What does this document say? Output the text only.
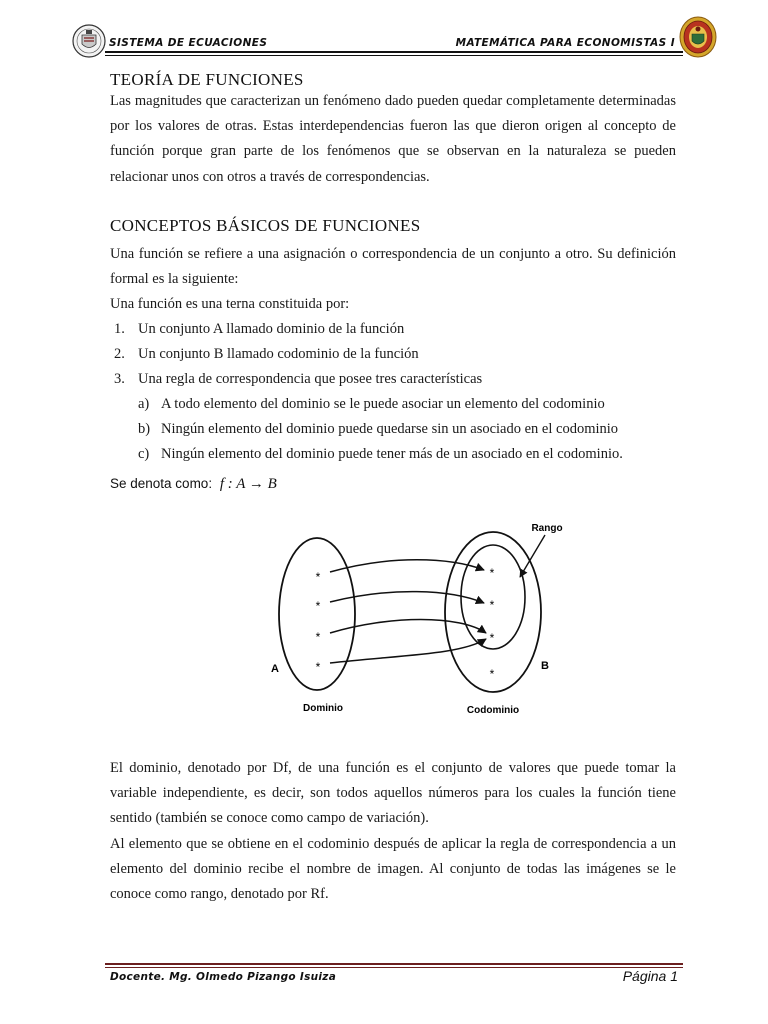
SISTEMA DE ECUACIONES	MATEMÁTICA PARA ECONOMISTAS I
TEORÍA DE FUNCIONES
Las magnitudes que caracterizan un fenómeno dado pueden quedar completamente determinadas por los valores de otras. Estas interdependencias fueron las que dieron origen al concepto de función porque gran parte de los fenómenos que se observan en la naturaleza se pueden relacionar unos con otros a través de correspondencias.
CONCEPTOS BÁSICOS DE FUNCIONES
Una función se refiere a una asignación o correspondencia de un conjunto a otro. Su definición formal es la siguiente:
Una función es una terna constituida por:
1. Un conjunto A llamado dominio de la función
2. Un conjunto B llamado codominio de la función
3. Una regla de correspondencia que posee tres características
a) A todo elemento del dominio se le puede asociar un elemento del codominio
b) Ningún elemento del dominio puede quedarse sin un asociado en el codominio
c) Ningún elemento del dominio puede tener más de un asociado en el codominio.
Se denota como: f : A → B
*
*
*
*
*
*
*
*
Rango
A	B
Dominio	Codominio
El dominio, denotado por Df, de una función es el conjunto de valores que puede tomar la variable independiente, es decir, son todos aquellos números para los cuales la función tiene sentido (también se conoce como campo de variación).
Al elemento que se obtiene en el codominio después de aplicar la regla de correspondencia a un elemento del dominio recibe el nombre de imagen. Al conjunto de todas las imágenes se le conoce como rango, denotado por Rf.
Docente. Mg. Olmedo Pizango Isuiza	Página 1
